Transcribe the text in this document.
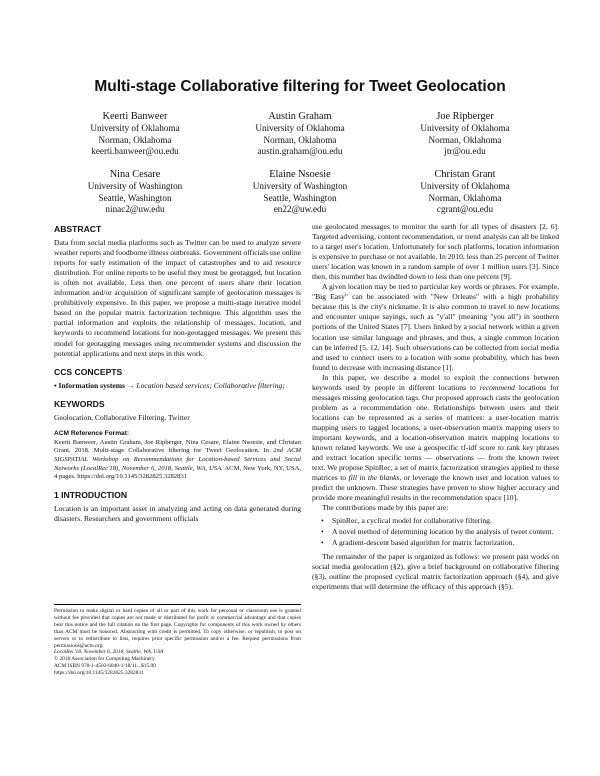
Multi-stage Collaborative filtering for Tweet Geolocation
Keerti Banweer
University of Oklahoma
Norman, Oklahoma
keerti.banweer@ou.edu
Austin Graham
University of Oklahoma
Norman, Oklahoma
austin.graham@ou.edu
Joe Ripberger
University of Oklahoma
Norman, Oklahoma
jtr@ou.edu
Nina Cesare
University of Washington
Seattle, Washington
ninac2@uw.edu
Elaine Nsoesie
University of Washington
Seattle, Washington
en22@uw.edu
Christan Grant
University of Oklahoma
Norman, Oklahoma
cgrant@ou.edu
ABSTRACT

Data from social media platforms such as Twitter can be used to analyze severe weather reports and foodborne illness outbreaks. Government officials use online reports for early estimation of the impact of catastrophes and to aid resource distribution. For online reports to be useful they must be geotagged, but location is often not available. Less then one percent of users share their location information and/or acquisition of significant sample of geolocation messages is prohibitively expensive. In this paper, we propose a multi-stage iterative model based on the popular matrix factorization technique. This algorithm uses the partial information and exploits the relationship of messages, location, and keywords to recommend locations for non-geotagged messages. We present this model for geotagging messages using recommender systems and discussion the potential applications and next steps in this work.

CCS CONCEPTS

• Information systems → Location based services; Collaborative filtering;

KEYWORDS

Geolocation, Collaborative Filtering, Twitter

ACM Reference Format:

Keerti Banweer, Austin Graham, Joe Ripberger, Nina Cesare, Elaine Nsoesie, and Christan Grant. 2018. Multi-stage Collaborative filtering for Tweet Geolocation. In 2nd ACM SIGSPATIAL Workshop on Recommendations for Location-based Services and Social Networks (LocalRec'18), November 6, 2018, Seattle, WA, USA. ACM, New York, NY, USA, 4 pages. https://doi.org/10.1145/3282825.3282831

1 INTRODUCTION

Location is an important asset in analyzing and acting on data generated during disasters. Researchers and government officials

Permission to make digital or hard copies of all or part of this work for personal or classroom use is granted without fee provided that copies are not made or distributed for profit or commercial advantage and that copies bear this notice and the full citation on the first page. Copyrights for components of this work owned by others than ACM must be honored. Abstracting with credit is permitted. To copy otherwise, or republish, to post on servers or to redistribute to lists, requires prior specific permission and/or a fee. Request permissions from permissions@acm.org.

LocalRec'18, November 6, 2018, Seattle, WA, USA

© 2018 Association for Computing Machinery.

ACM ISBN 978-1-4503-6040-1/18/11...$15.00

https://doi.org/10.1145/3282825.3282831

use geolocated messages to monitor the earth for all types of disasters [2, 6]. Targeted advertising, content recommendation, or trend analysis can all be linked to a target user's location. Unfortunately for such platforms, location information is expensive to purchase or not available. In 2010, less than 25 percent of Twitter users' location was known in a random sample of over 1 million users [3]. Since then, this number has dwindled down to less than one percent [9].

A given location may be tied to particular key words or phrases. For example, "Big Easy" can be associated with "New Orleans" with a high probability because this is the city's nickname. It is also common to travel to new locations and encounter unique sayings, such as "y'all" (meaning "you all") in southern portions of the United States [7]. Users linked by a social network within a given location use similar language and phrases, and thus, a single common location can be inferred [5, 12, 14]. Such observations can be collected from social media and used to connect users to a location with some probability, which has been found to decrease with increasing distance [1].

In this paper, we describe a model to exploit the connections between keywords used by people in different locations to recommend locations for messages missing geolocation tags. Our proposed approach casts the geolocation problem as a recommendation one. Relationships between users and their locations can be represented as a series of matrices: a user-location matrix mapping users to tagged locations, a user-observation matrix mapping users to important keywords, and a location-observation matrix mapping locations to known related keywords. We use a geospecific tf-idf score to rank key phrases and extract location specific terms — observations — from the known tweet text. We propose SpinRec, a set of matrix factorization strategies applied to these matrices to fill in the blanks, or leverage the known user and location values to predict the unknown. These strategies have proven to show higher accuracy and provide more meaningful results in the recommendation space [10].

The contributions made by this paper are:

• SpinRec, a cyclical model for collaborative filtering.
• A novel method of determining location by the analysis of tweet content.
• A gradient-descent based algorithm for matrix factorization.

The remainder of the paper is organized as follows: we present past works on social media geolocation (§2), give a brief background on collaborative filtering (§3), outline the proposed cyclical matrix factorization approach (§4), and give experiments that will determine the efficacy of this approach (§5).
